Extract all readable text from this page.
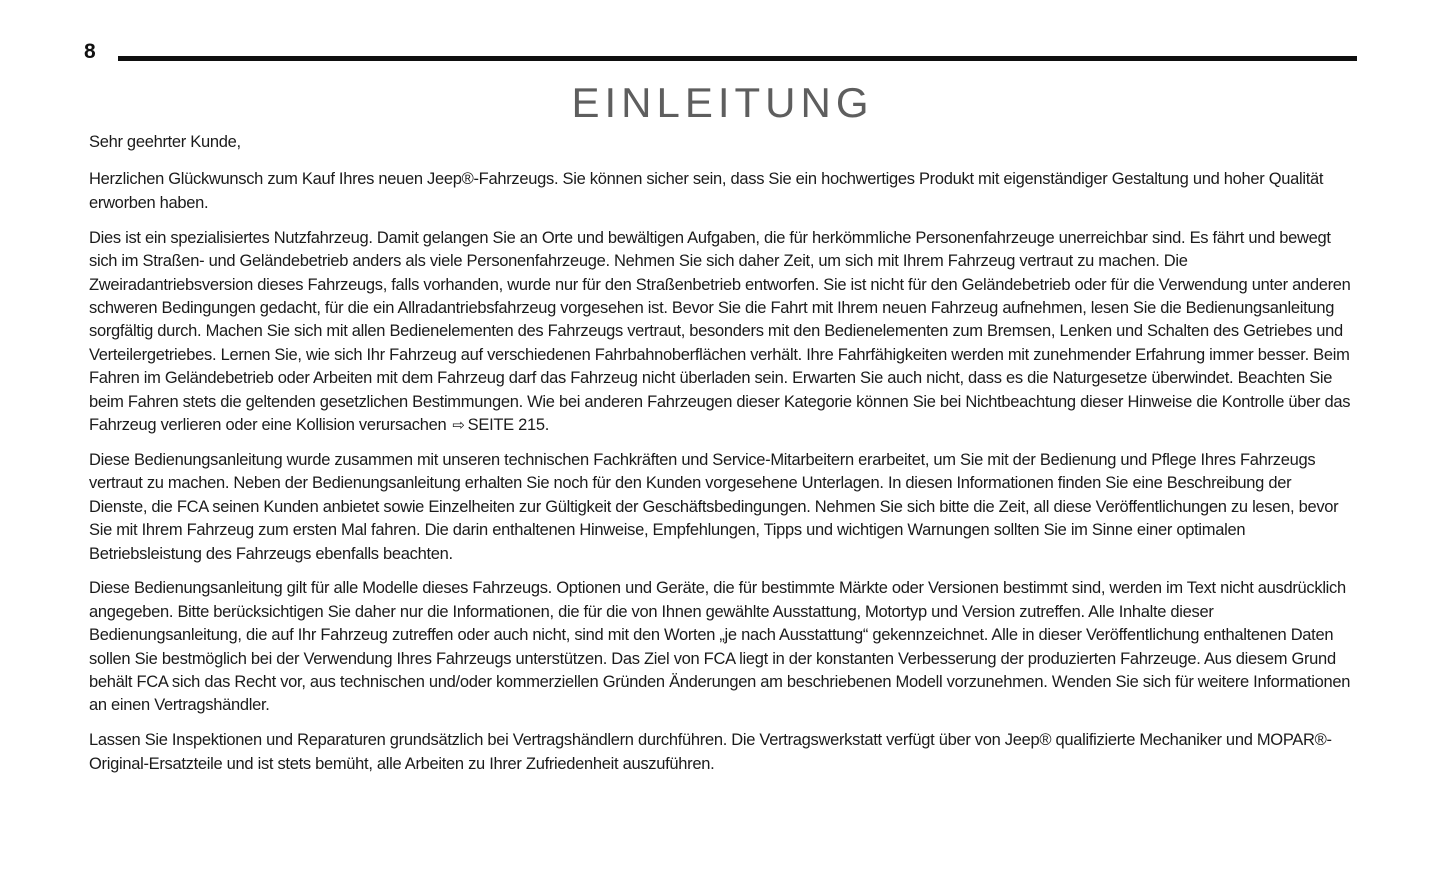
8
EINLEITUNG

Sehr geehrter Kunde,

Herzlichen Glückwunsch zum Kauf Ihres neuen Jeep®-Fahrzeugs. Sie können sicher sein, dass Sie ein hochwertiges Produkt mit eigenständiger Gestaltung und hoher Qualität erworben haben.

Dies ist ein spezialisiertes Nutzfahrzeug. Damit gelangen Sie an Orte und bewältigen Aufgaben, die für herkömmliche Personenfahrzeuge unerreichbar sind. Es fährt und bewegt sich im Straßen- und Geländebetrieb anders als viele Personenfahrzeuge. Nehmen Sie sich daher Zeit, um sich mit Ihrem Fahrzeug vertraut zu machen. Die Zweiradantriebsversion dieses Fahrzeugs, falls vorhanden, wurde nur für den Straßenbetrieb entworfen. Sie ist nicht für den Geländebetrieb oder für die Verwendung unter anderen schweren Bedingungen gedacht, für die ein Allradantriebsfahrzeug vorgesehen ist. Bevor Sie die Fahrt mit Ihrem neuen Fahrzeug aufnehmen, lesen Sie die Bedienungsanleitung sorgfältig durch. Machen Sie sich mit allen Bedienelementen des Fahrzeugs vertraut, besonders mit den Bedienelementen zum Bremsen, Lenken und Schalten des Getriebes und Verteilergetriebes. Lernen Sie, wie sich Ihr Fahrzeug auf verschiedenen Fahrbahnoberflächen verhält. Ihre Fahrfähigkeiten werden mit zunehmender Erfahrung immer besser. Beim Fahren im Geländebetrieb oder Arbeiten mit dem Fahrzeug darf das Fahrzeug nicht überladen sein. Erwarten Sie auch nicht, dass es die Naturgesetze überwindet. Beachten Sie beim Fahren stets die geltenden gesetzlichen Bestimmungen. Wie bei anderen Fahrzeugen dieser Kategorie können Sie bei Nichtbeachtung dieser Hinweise die Kontrolle über das Fahrzeug verlieren oder eine Kollision verursachen ⇨ SEITE 215.

Diese Bedienungsanleitung wurde zusammen mit unseren technischen Fachkräften und Service-Mitarbeitern erarbeitet, um Sie mit der Bedienung und Pflege Ihres Fahrzeugs vertraut zu machen. Neben der Bedienungsanleitung erhalten Sie noch für den Kunden vorgesehene Unterlagen. In diesen Informationen finden Sie eine Beschreibung der Dienste, die FCA seinen Kunden anbietet sowie Einzelheiten zur Gültigkeit der Geschäftsbedingungen. Nehmen Sie sich bitte die Zeit, all diese Veröffentlichungen zu lesen, bevor Sie mit Ihrem Fahrzeug zum ersten Mal fahren. Die darin enthaltenen Hinweise, Empfehlungen, Tipps und wichtigen Warnungen sollten Sie im Sinne einer optimalen Betriebsleistung des Fahrzeugs ebenfalls beachten.

Diese Bedienungsanleitung gilt für alle Modelle dieses Fahrzeugs. Optionen und Geräte, die für bestimmte Märkte oder Versionen bestimmt sind, werden im Text nicht ausdrücklich angegeben. Bitte berücksichtigen Sie daher nur die Informationen, die für die von Ihnen gewählte Ausstattung, Motortyp und Version zutreffen. Alle Inhalte dieser Bedienungsanleitung, die auf Ihr Fahrzeug zutreffen oder auch nicht, sind mit den Worten „je nach Ausstattung“ gekennzeichnet. Alle in dieser Veröffentlichung enthaltenen Daten sollen Sie bestmöglich bei der Verwendung Ihres Fahrzeugs unterstützen. Das Ziel von FCA liegt in der konstanten Verbesserung der produzierten Fahrzeuge. Aus diesem Grund behält FCA sich das Recht vor, aus technischen und/oder kommerziellen Gründen Änderungen am beschriebenen Modell vorzunehmen. Wenden Sie sich für weitere Informationen an einen Vertragshändler.

Lassen Sie Inspektionen und Reparaturen grundsätzlich bei Vertragshändlern durchführen. Die Vertragswerkstatt verfügt über von Jeep® qualifizierte Mechaniker und MOPAR®-Original-Ersatzteile und ist stets bemüht, alle Arbeiten zu Ihrer Zufriedenheit auszuführen.
